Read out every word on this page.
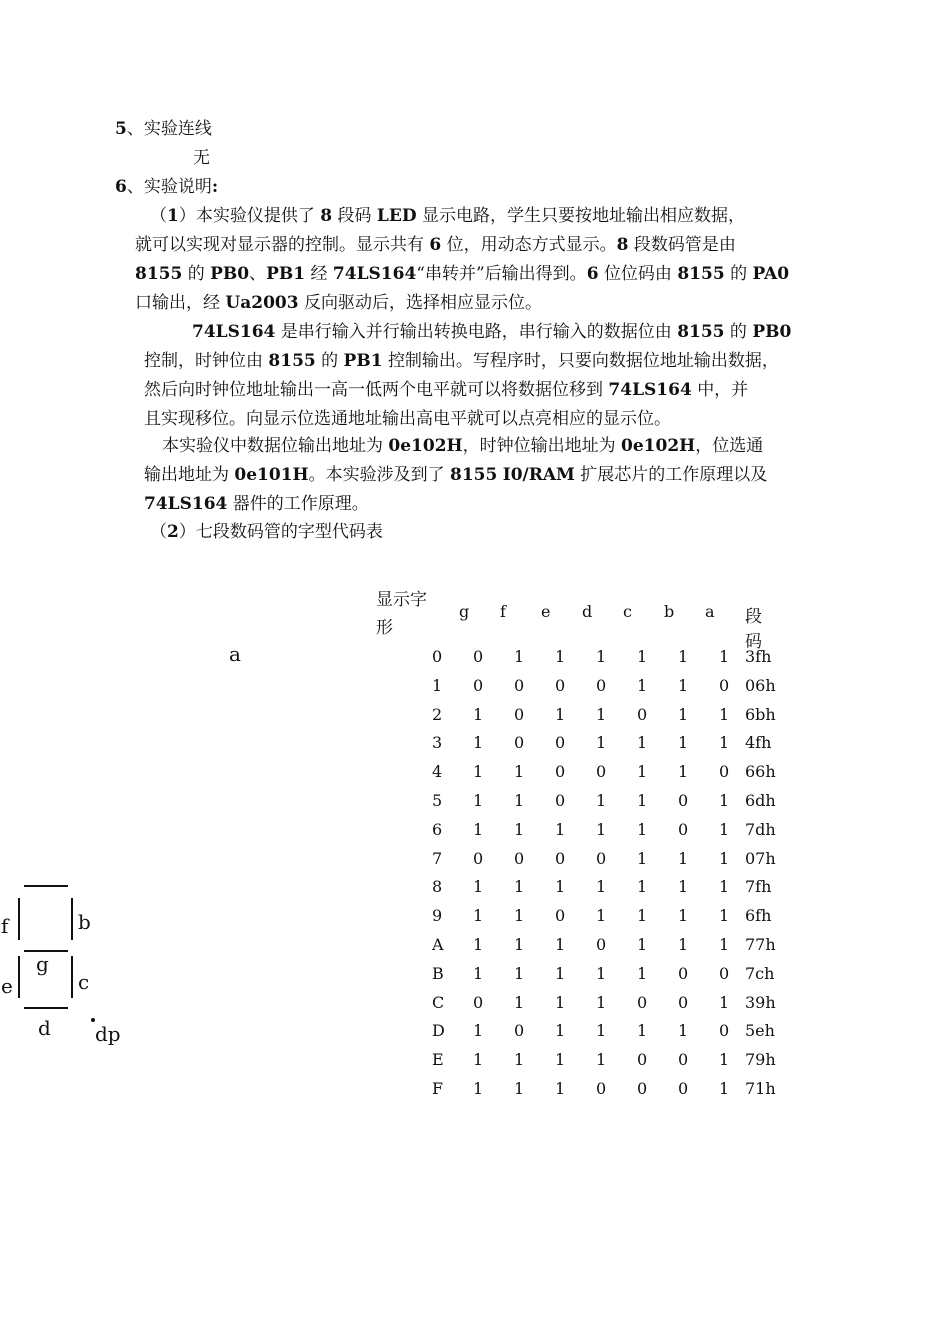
5、实验连线
无
6、实验说明:

（1）本实验仪提供了 8 段码 LED 显示电路，学生只要按地址输出相应数据，

就可以实现对显示器的控制。显示共有 6 位，用动态方式显示。8 段数码管是由

8155 的 PB0、PB1 经 74LS164“串转并”后输出得到。6 位位码由 8155 的 PA0

口输出，经 Ua2003 反向驱动后，选择相应显示位。

74LS164 是串行输入并行输出转换电路，串行输入的数据位由 8155 的 PB0

控制，时钟位由 8155 的 PB1 控制输出。写程序时，只要向数据位地址输出数据，

然后向时钟位地址输出一高一低两个电平就可以将数据位移到 74LS164 中，并

且实现移位。向显示位选通地址输出高电平就可以点亮相应的显示位。

本实验仪中数据位输出地址为 0e102H，时钟位输出地址为 0e102H，位选通

输出地址为 0e101H。本实验涉及到了 8155 I0/RAM 扩展芯片的工作原理以及

74LS164 器件的工作原理。

（2）七段数码管的字型代码表
a
f	b
g
e	c
d dp
显示字
形
g f e d c b a 段码
0 0 1 1 1 1 1 1 3fh
1 0 0 0 0 1 1 0 06h
2 1 0 1 1 0 1 1 6bh
3 1 0 0 1 1 1 1 4fh
4 1 1 0 0 1 1 0 66h
5 1 1 0 1 1 0 1 6dh
6 1 1 1 1 1 0 1 7dh
7 0 0 0 0 1 1 1 07h
8 1 1 1 1 1 1 1 7fh
9 1 1 0 1 1 1 1 6fh
A 1 1 1 0 1 1 1 77h
B 1 1 1 1 1 0 0 7ch
C 0 1 1 1 0 0 1 39h
D 1 0 1 1 1 1 0 5eh
E 1 1 1 1 0 0 1 79h
F 1 1 1 0 0 0 1 71h
